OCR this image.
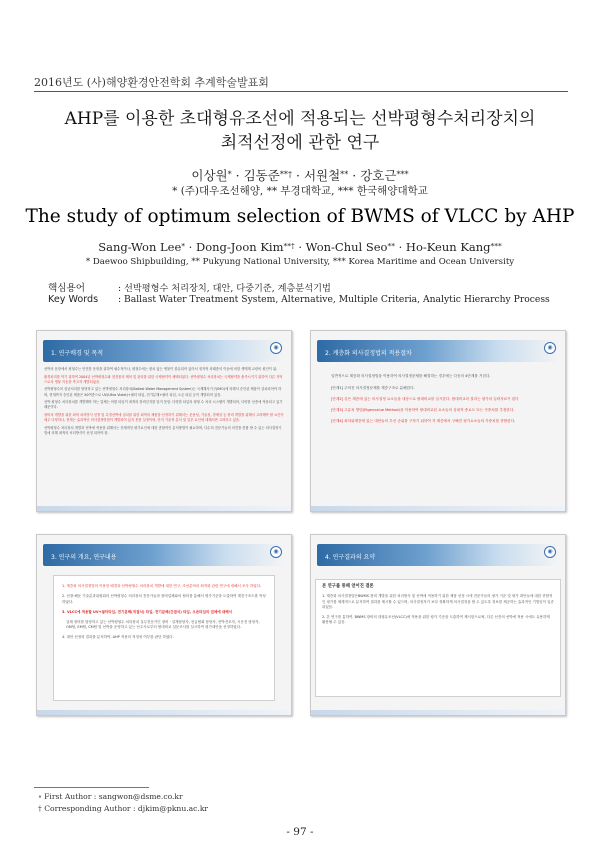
2016년도 (사)해양환경안전학회 추계학술발표회
AHP를 이용한 초대형유조선에 적용되는 선박평형수처리장치의
최적선정에 관한 연구
이상원* · 김동준**† · 서원철** · 강호근***
* (주)대우조선해양, ** 부경대학교, *** 한국해양대학교
The study of optimum selection of BWMS of VLCC by AHP
Sang-Won Lee* · Dong-Joon Kim**† · Won-Chul Seo** · Ho-Keun Kang***
* Daewoo Shipbuilding, ** Pukyung National University, *** Korea Maritime and Ocean University
핵심용어	: 선박평형수 처리장치, 대안, 다중기준, 계층분석기법
Key Words : Ballast Water Treatment System, Alternative, Multiple Criteria, Analytic Hierarchy Process
1. 연구배경 및 목적
◉

선박의 운항에서 평형수는 안전한 운항을 위하여 필수적이나, 평형수에는 원치 않는 생물이 함유되어 있어서 정착적 외래종의 이송에 의한 생태계 교란의 원인이 됨.

환경파괴를 막기 위하여 2004년 선박평형수와 침전물의 제어 및 관리를 위한 국제협약이 채택되었다. 선박평형수 처리장치는 국제협약을 충족시키기 위하여 다른 지역으로의 생물 이송을 막고자 개발되었음.

선박평형수의 살균처리를 담당하고 있는 선박평형수 처리장치(Ballast Water Management System)는 국제해사기구(IMO)에 의해서 승인된 제품이 설치되어야 하며, 현재까지 승인된 제품은 50여종으로 UV(Ultra Violet)+필터 타입, 전기분해+필터 타입, 오존 타입 등이 개발되어 있음.

선박 평형수 처리장치를 개발해야 하는 업체는 어떤 타입이 최적의 장비인지를 알지 못함. 다양한 타입의 평형 수 처리 시스템이 개발되어, 다양한 선종에 적용되고 있기 때문이다.

장비의 개발을 위한 최적 처리방식 선정 및 특정선박에 설치를 위한 최적의 제품을 선정하기 위해서는 운용성, 기술성, 경제성 등 장비 개발을 위해서 고려해야 할 요인이 매우 다양하나, 현재는 효과적인 의사결정방법이 개발되어 있지 못한 실정이며, 단지 기술적 분석 및 일부 요인에 대해서만 고려하고 있음.

선박평형수 처리장치 개발과 선박에 적용을 위해서는 전체적인 평가요인에 대한 종합적인 분석방법이 필요하며, 다수의 전문가들의 의견을 종합 할 수 있는 의사결정기법에 의해 최적의 처리방식이 선정 되어야 함.

2. 계층화 의사결정법의 적용절차
◉

일반적으로 계층화 의사결정법을 이용하여 의사결정문제를 해결하는 경우에는 다음의 4단계를 거친다.

[단계1] 주어진 의사결정문제를 계층구조로 분해한다.

[단계2] 같은 계층에 있는 의사결정 요소들을 대상으로 쌍대비교를 실시한다. 쌍대비교의 결과는 평가의 입력자료가 된다

[단계3] 고유치 방법(Eigenvalue Method)을 이용하여 쌍대비교된 요소들의 상대적 중요도 또는 가중치를 추정한다.

[단계4] 최하위계층에 있는 대안들의 우선 순위를 구하기 위하여 각 계층에서 구해진 평가요소들의 가중치를 종합한다.

3. 연구의 개요, 연구내용
◉

1. 계층화 의사결정법의 이용한 배경과 선박평형수 처리장치 개발에 대한 연구, 조선분야의 최적화 관련 연구에 대해서 조사 하였다.

2. 선장·해운 기술분과위원회의 선박평형수 처리장치 전문가들과 장비업체와의 협의를 통해서 평가기준을 도출하여 계층구조도를 작성 하였다.

3. VLCC에 적용할 UV+필터타입, 전기분해(직접식) 타입, 전기분해(간접식) 타입, 오존타입의 업체에 대해서

실제 장비를 담당하고 있는 선박평형수 처리장치 실무전문가인 장비 · 설계담당자, 선급협회 담당자, 선박전조자, 시운전 담당자, OM팀, EM팀, CM팀 및 선박을 운영하고 있는 선주사로부터 쌍대비교 설문조사를 실시하여 평가대안을 선정하였다.

4. 대안 선정의 결과를 분석하여, AHP 적용의 적정성 여부를 판단 하였다.

4. 연구결과의 요약
◉

본 연구를 통해 얻어진 결론

1. 계층화 의사결정법은BWMS 장비 개발을 위한 처리방식 및 선박에 적용하기 위한 제품 선정 시에 전문가들의 평가 기준 및 평가 대안들에 대한 종합적인 평가를 체계적으로 분석하여 결과를 제시할 수 있으며, 의사결정자가 보다 정확하게 의사결정을 할 수 있도록 정보를 제공하는 효과적인 기법임이 입증 되었음.

2. 본 연구를 통하여, BWMS 장비의 대형유조선(VLCC)에 적용을 위한 평가 기준을 도출하여 제시함으로써, 다른 선종의 선박에 적용 시에도 유용하게 활용될 수 있음.

∘ First Author : sangwon@dsme.co.kr
† Corresponding Author : djkim@pknu.ac.kr
- 97 -
